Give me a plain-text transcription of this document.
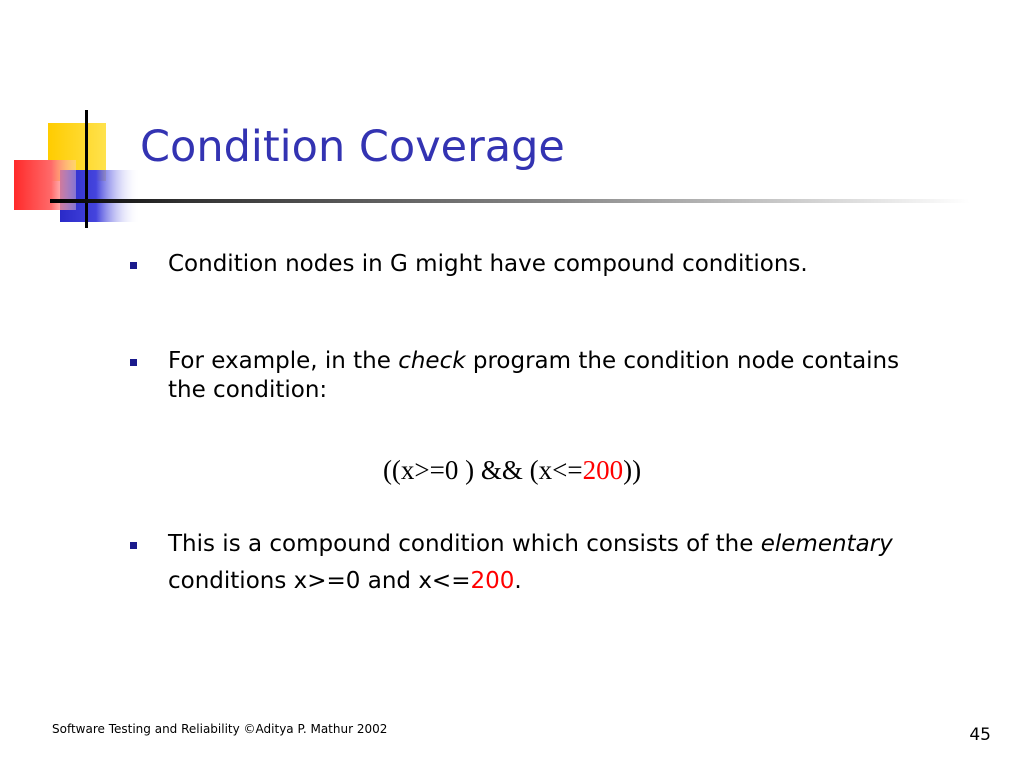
Condition Coverage
Condition nodes in G might have compound conditions.
For example, in the check program the condition node contains
the condition:
((x>=0 ) && (x<=200))
This is a compound condition which consists of the elementary
conditions x>=0 and x<=200.
Software Testing and Reliability ©Aditya P. Mathur 2002	45
